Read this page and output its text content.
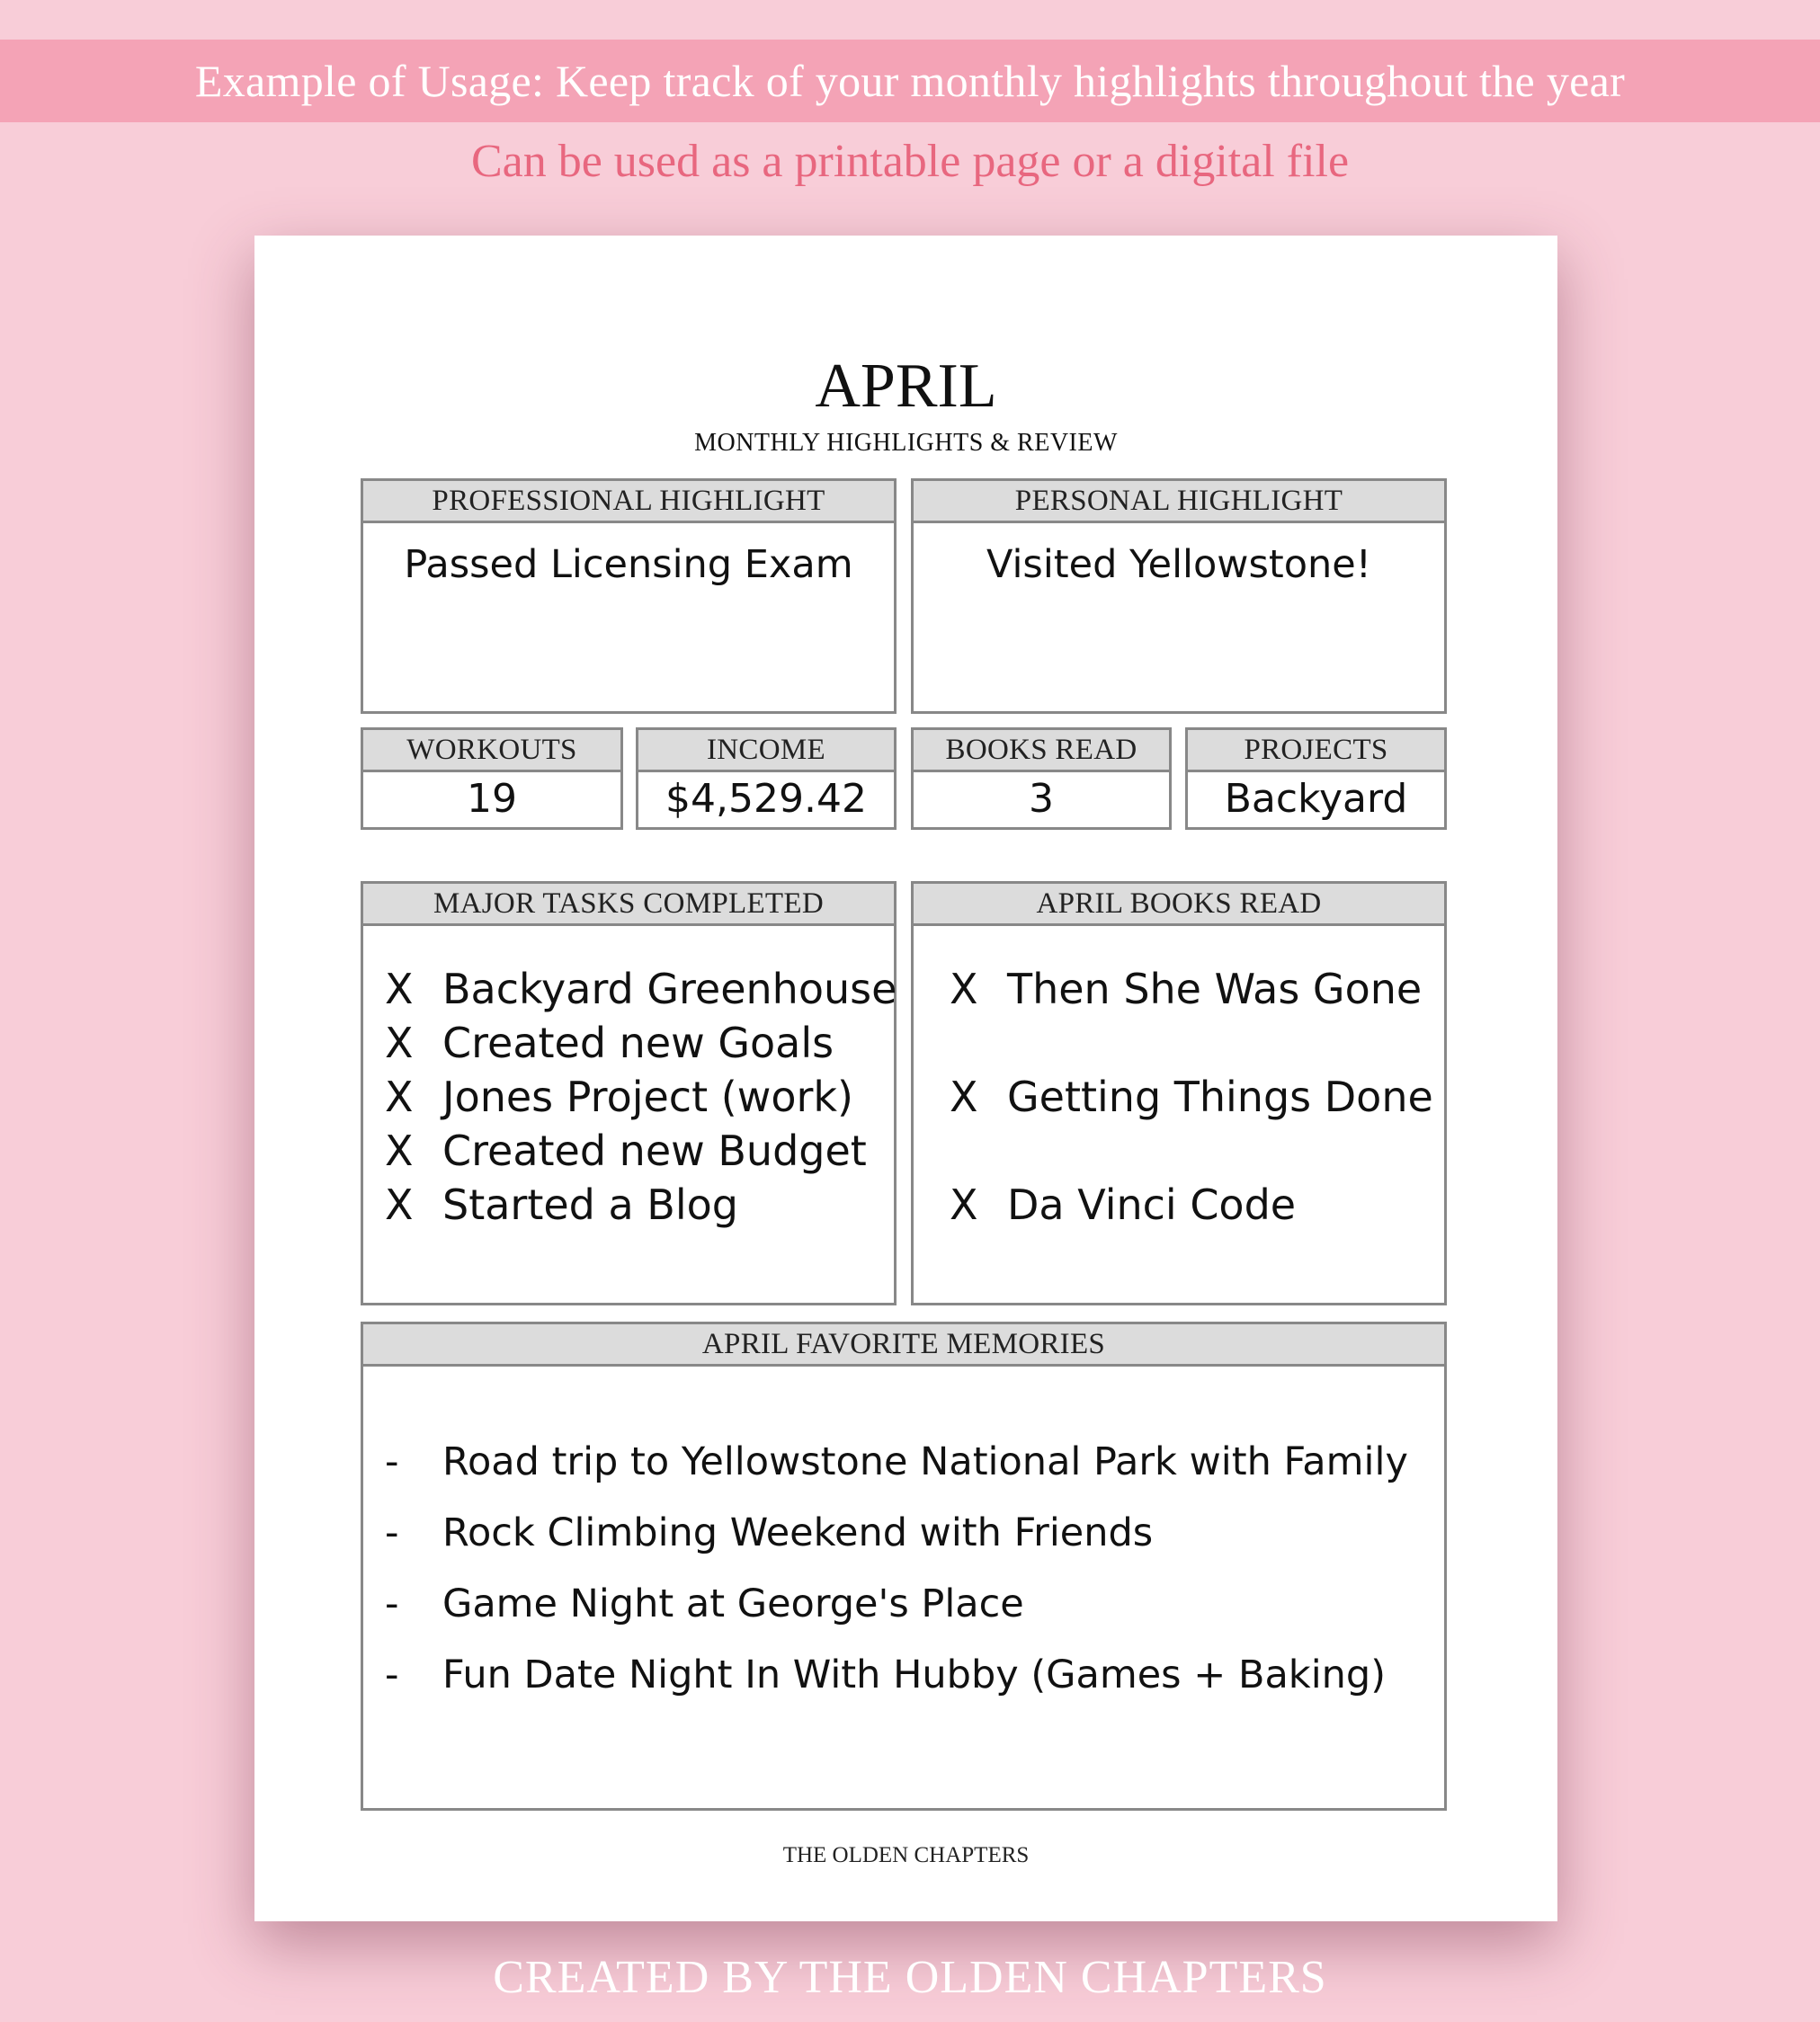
Example of Usage: Keep track of your monthly highlights throughout the year
Can be used as a printable page or a digital file
APRIL
MONTHLY HIGHLIGHTS & REVIEW
PROFESSIONAL HIGHLIGHT
Passed Licensing Exam
PERSONAL HIGHLIGHT
Visited Yellowstone!
WORKOUTS
19
INCOME
$4,529.42
BOOKS READ
3
PROJECTS
Backyard
MAJOR TASKS COMPLETED
X Backyard Greenhouse
X Created new Goals
X Jones Project (work)
X Created new Budget
X Started a Blog
APRIL BOOKS READ
X Then She Was Gone
X Getting Things Done
X Da Vinci Code
APRIL FAVORITE MEMORIES
- Road trip to Yellowstone National Park with Family
- Rock Climbing Weekend with Friends
- Game Night at George's Place
- Fun Date Night In With Hubby (Games + Baking)
THE OLDEN CHAPTERS
CREATED BY THE OLDEN CHAPTERS
